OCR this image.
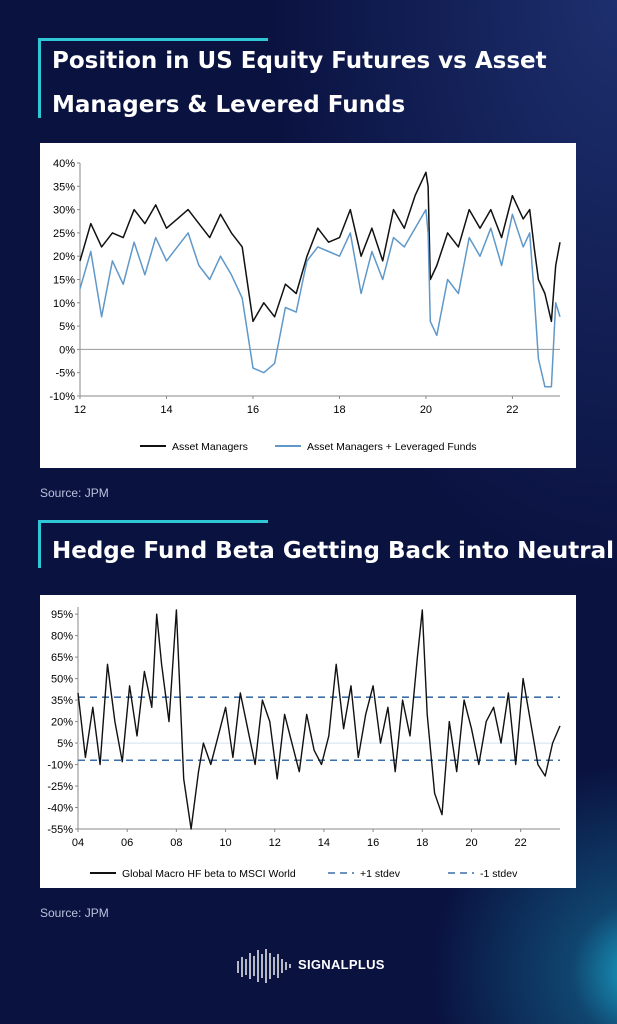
Position in US Equity Futures vs Asset
Managers & Levered Funds
40%
35%
30%
25%
20%
15%
10%
5%
0%
-5%
-10%
12	14	16	18	20	22
Asset Managers	Asset Managers + Leveraged Funds
Source: JPM
Hedge Fund Beta Getting Back into Neutral
95%
80%
65%
50%
35%
20%
5%
-10%
-25%
-40%
-55%
04	06	08	10	12	14	16	18	20	22
Global Macro HF beta to MSCI World	+1 stdev	-1 stdev
Source: JPM
SIGNALPLUS
